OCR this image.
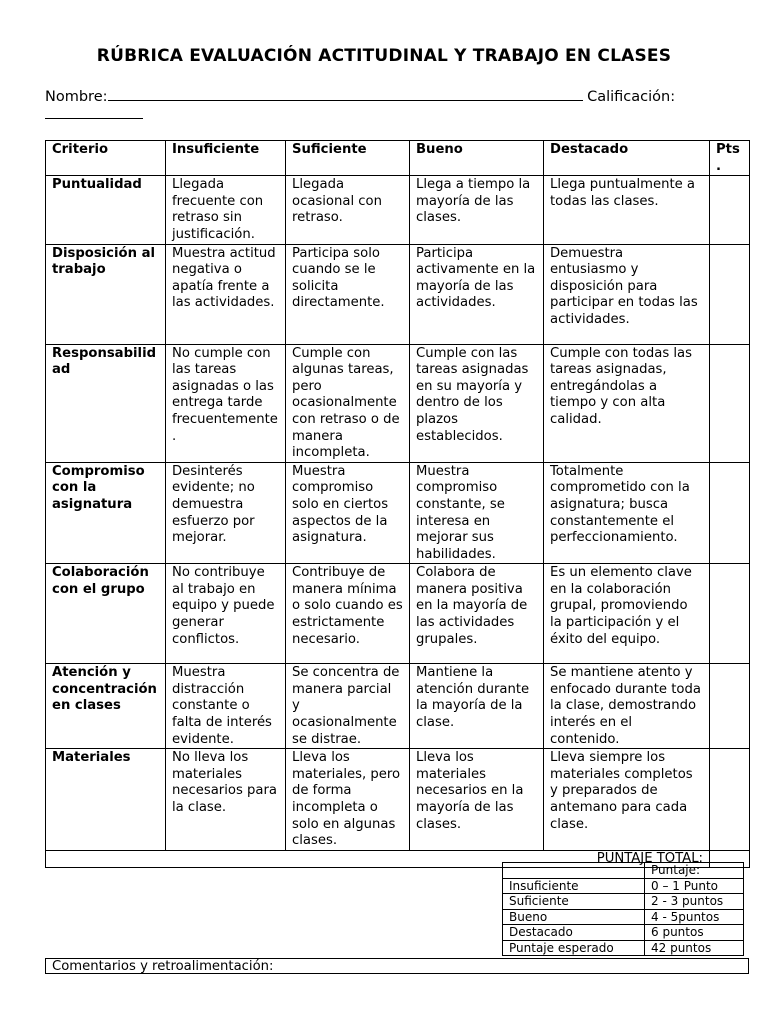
RÚBRICA EVALUACIÓN ACTITUDINAL Y TRABAJO EN CLASES
Nombre:	Calificación:
Criterio	Insuficiente	Suficiente	Bueno	Destacado	Pts.
Puntualidad	Llegada frecuente con retraso sin justificación.	Llegada ocasional con retraso.	Llega a tiempo la mayoría de las clases.	Llega puntualmente a todas las clases.	
Disposición al trabajo	Muestra actitud negativa o apatía frente a las actividades.	Participa solo cuando se le solicita directamente.	Participa activamente en la mayoría de las actividades.	Demuestra entusiasmo y disposición para participar en todas las actividades.	
Responsabilidad	No cumple con las tareas asignadas o las entrega tarde frecuentemente.	Cumple con algunas tareas, pero ocasionalmente con retraso o de manera incompleta.	Cumple con las tareas asignadas en su mayoría y dentro de los plazos establecidos.	Cumple con todas las tareas asignadas, entregándolas a tiempo y con alta calidad.	
Compromiso con la asignatura	Desinterés evidente; no demuestra esfuerzo por mejorar.	Muestra compromiso solo en ciertos aspectos de la asignatura.	Muestra compromiso constante, se interesa en mejorar sus habilidades.	Totalmente comprometido con la asignatura; busca constantemente el perfeccionamiento.	
Colaboración con el grupo	No contribuye al trabajo en equipo y puede generar conflictos.	Contribuye de manera mínima o solo cuando es estrictamente necesario.	Colabora de manera positiva en la mayoría de las actividades grupales.	Es un elemento clave en la colaboración grupal, promoviendo la participación y el éxito del equipo.	
Atención y concentración en clases	Muestra distracción constante o falta de interés evidente.	Se concentra de manera parcial y ocasionalmente se distrae.	Mantiene la atención durante la mayoría de la clase.	Se mantiene atento y enfocado durante toda la clase, demostrando interés en el contenido.	
Materiales	No lleva los materiales necesarios para la clase.	Lleva los materiales, pero de forma incompleta o solo en algunas clases.	Lleva los materiales necesarios en la mayoría de las clases.	Lleva siempre los materiales completos y preparados de antemano para cada clase.	
PUNTAJE TOTAL:					
	Puntaje:
Insuficiente	0 – 1 Punto
Suficiente	2 - 3 puntos
Bueno	4 - 5puntos
Destacado	6 puntos
Puntaje esperado	42 puntos
Comentarios y retroalimentación:
